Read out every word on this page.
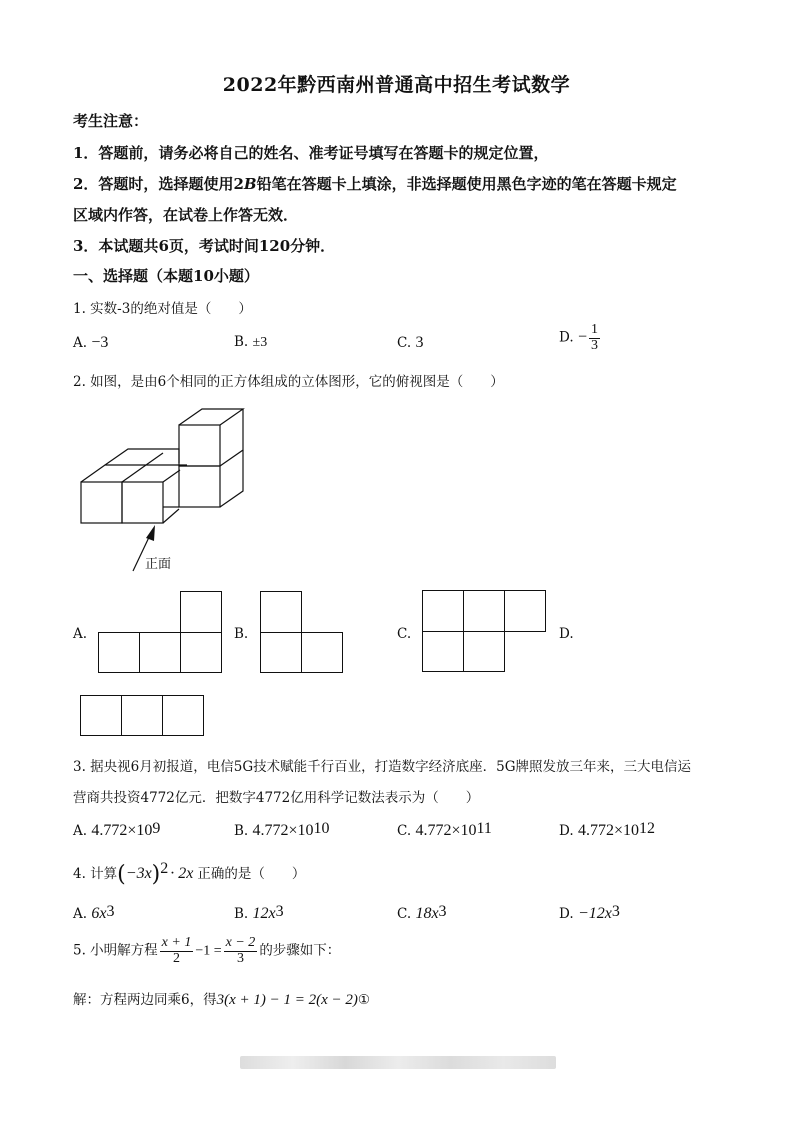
2022年黔西南州普通高中招生考试数学
考生注意：
1．答题前，请务必将自己的姓名、准考证号填写在答题卡的规定位置，
2．答题时，选择题使用2B铅笔在答题卡上填涂，非选择题使用黑色字迹的笔在答题卡规定
区域内作答，在试卷上作答无效．
3．本试题共6页，考试时间120分钟．
一、选择题（本题10小题）
1. 实数-3的绝对值是（　　）
A. −3	B. ±3	C. 3	D. − $\frac{1}{3}$
2. 如图，是由6个相同的正方体组成的立体图形，它的俯视图是（　　）
正面
A.	B.	C.	D.
3. 据央视6月初报道，电信5G技术赋能千行百业，打造数字经济底座．5G牌照发放三年来，三大电信运
营商共投资4772亿元．把数字4772亿用科学记数法表示为（　　）
A. $4.772\times 10^9$	B. $4.772\times 10^{10}$	C. $4.772\times 10^{11}$	D. $4.772\times 10^{12}$
4. 计算$(-3x)^2 \cdot 2x$ 正确的是（　　）
A. $6x^3$	B. $12x^3$	C. $18x^3$	D. $-12x^3$
5. 小明解方程 $\frac{x + 1}{2} -1 = \frac{x - 2}{3}$ 的步骤如下：
解：方程两边同乘6，得3(x + 1) − 1 = 2(x − 2)①
